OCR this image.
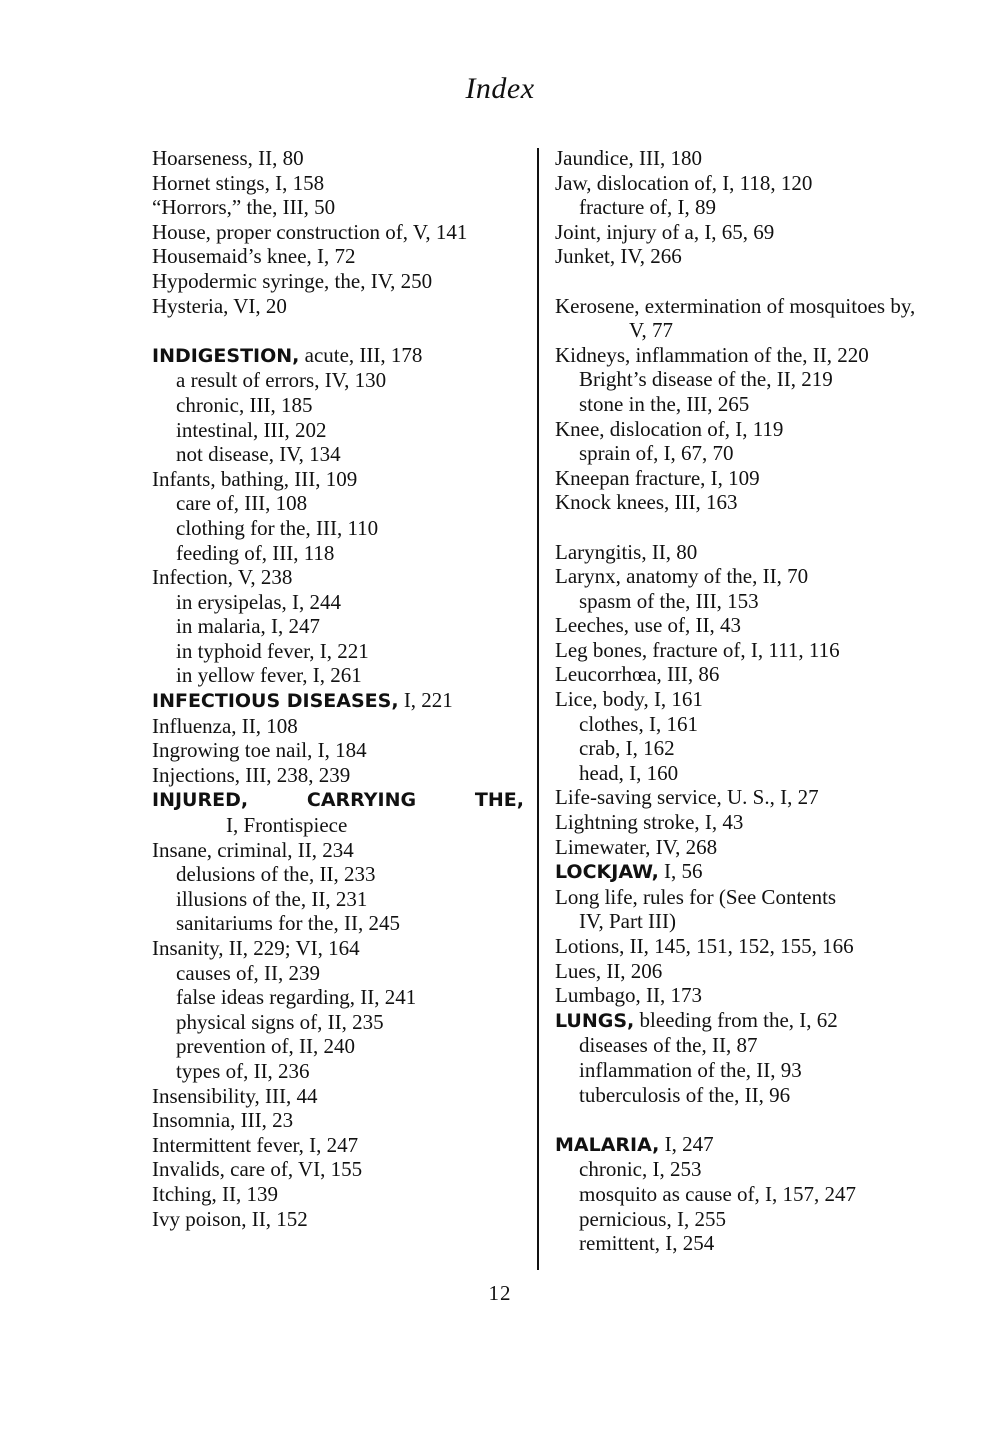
Index
Hoarseness, II, 80
Hornet stings, I, 158
“Horrors,” the, III, 50
House, proper construction of, V, 141
Housemaid’s knee, I, 72
Hypodermic syringe, the, IV, 250
Hysteria, VI, 20
INDIGESTION, acute, III, 178
a result of errors, IV, 130
chronic, III, 185
intestinal, III, 202
not disease, IV, 134
Infants, bathing, III, 109
care of, III, 108
clothing for the, III, 110
feeding of, III, 118
Infection, V, 238
in erysipelas, I, 244
in malaria, I, 247
in typhoid fever, I, 221
in yellow fever, I, 261
INFECTIOUS DISEASES, I, 221
Influenza, II, 108
Ingrowing toe nail, I, 184
Injections, III, 238, 239
INJURED, CARRYING THE,
I, Frontispiece
Insane, criminal, II, 234
delusions of the, II, 233
illusions of the, II, 231
sanitariums for the, II, 245
Insanity, II, 229; VI, 164
causes of, II, 239
false ideas regarding, II, 241
physical signs of, II, 235
prevention of, II, 240
types of, II, 236
Insensibility, III, 44
Insomnia, III, 23
Intermittent fever, I, 247
Invalids, care of, VI, 155
Itching, II, 139
Ivy poison, II, 152
Jaundice, III, 180
Jaw, dislocation of, I, 118, 120
fracture of, I, 89
Joint, injury of a, I, 65, 69
Junket, IV, 266
Kerosene, extermination of mosquitoes by, V, 77
Kidneys, inflammation of the, II, 220
Bright’s disease of the, II, 219
stone in the, III, 265
Knee, dislocation of, I, 119
sprain of, I, 67, 70
Kneepan fracture, I, 109
Knock knees, III, 163
Laryngitis, II, 80
Larynx, anatomy of the, II, 70
spasm of the, III, 153
Leeches, use of, II, 43
Leg bones, fracture of, I, 111, 116
Leucorrhœa, III, 86
Lice, body, I, 161
clothes, I, 161
crab, I, 162
head, I, 160
Life-saving service, U. S., I, 27
Lightning stroke, I, 43
Limewater, IV, 268
LOCKJAW, I, 56
Long life, rules for (See Contents
IV, Part III)
Lotions, II, 145, 151, 152, 155, 166
Lues, II, 206
Lumbago, II, 173
LUNGS, bleeding from the, I, 62
diseases of the, II, 87
inflammation of the, II, 93
tuberculosis of the, II, 96
MALARIA, I, 247
chronic, I, 253
mosquito as cause of, I, 157, 247
pernicious, I, 255
remittent, I, 254
12
